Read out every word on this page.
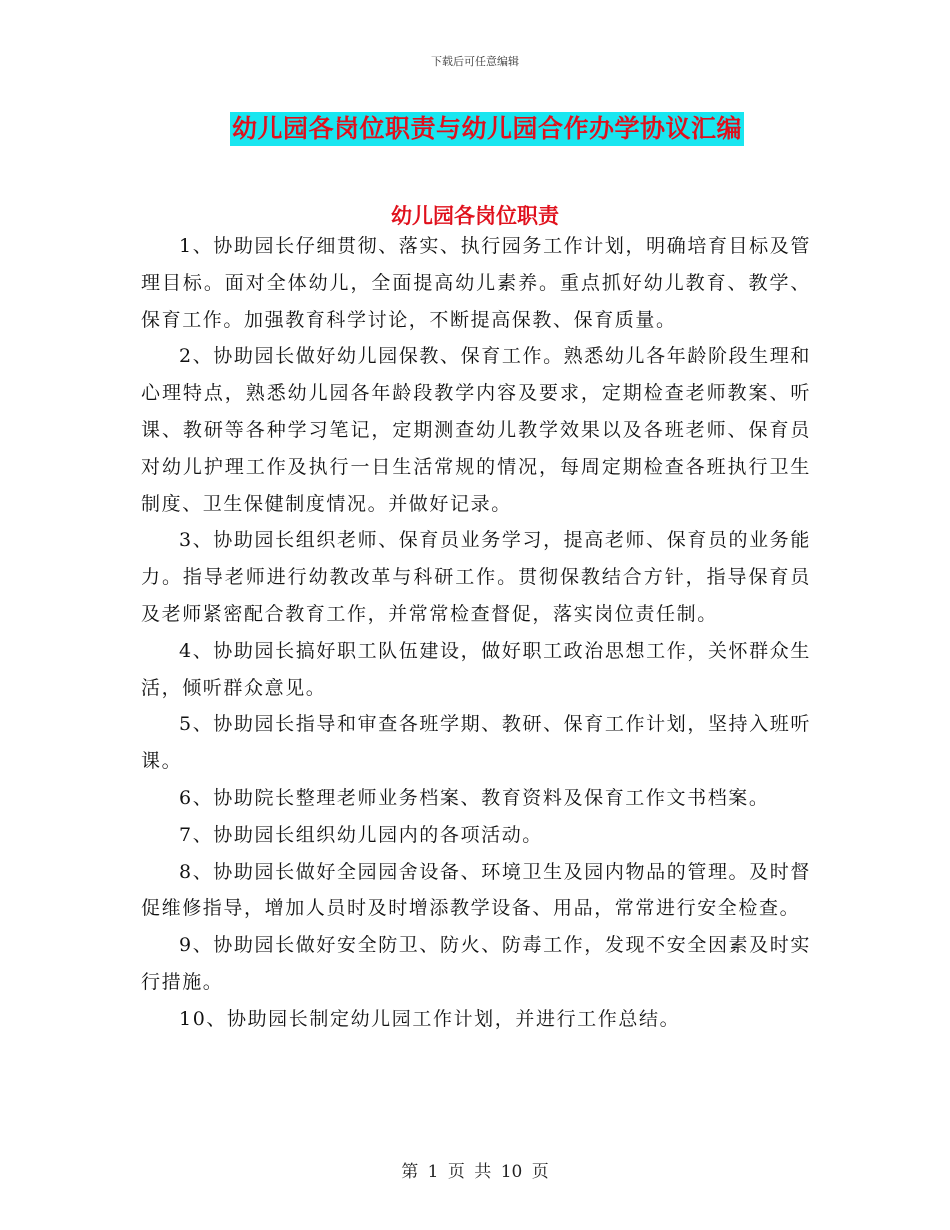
下载后可任意编辑
幼儿园各岗位职责与幼儿园合作办学协议汇编
幼儿园各岗位职责

1、协助园长仔细贯彻、落实、执行园务工作计划，明确培育目标及管理目标。面对全体幼儿，全面提高幼儿素养。重点抓好幼儿教育、教学、保育工作。加强教育科学讨论，不断提高保教、保育质量。

2、协助园长做好幼儿园保教、保育工作。熟悉幼儿各年龄阶段生理和心理特点，熟悉幼儿园各年龄段教学内容及要求，定期检查老师教案、听课、教研等各种学习笔记，定期测查幼儿教学效果以及各班老师、保育员对幼儿护理工作及执行一日生活常规的情况，每周定期检查各班执行卫生制度、卫生保健制度情况。并做好记录。

3、协助园长组织老师、保育员业务学习，提高老师、保育员的业务能力。指导老师进行幼教改革与科研工作。贯彻保教结合方针，指导保育员及老师紧密配合教育工作，并常常检查督促，落实岗位责任制。

4、协助园长搞好职工队伍建设，做好职工政治思想工作，关怀群众生活，倾听群众意见。

5、协助园长指导和审查各班学期、教研、保育工作计划，坚持入班听课。

6、协助院长整理老师业务档案、教育资料及保育工作文书档案。

7、协助园长组织幼儿园内的各项活动。

8、协助园长做好全园园舍设备、环境卫生及园内物品的管理。及时督促维修指导，增加人员时及时增添教学设备、用品，常常进行安全检查。

9、协助园长做好安全防卫、防火、防毒工作，发现不安全因素及时实行措施。

10、协助园长制定幼儿园工作计划，并进行工作总结。

第 1 页 共 10 页
